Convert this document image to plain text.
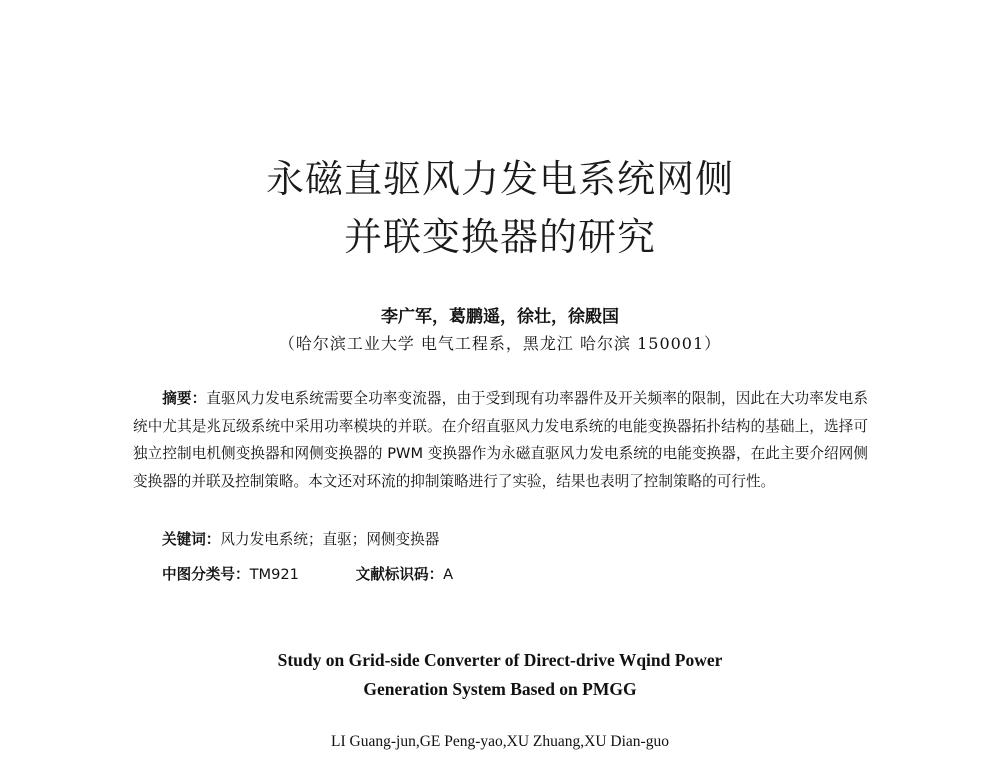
永磁直驱风力发电系统网侧
并联变换器的研究
李广军，葛鹏遥，徐壮，徐殿国
（哈尔滨工业大学 电气工程系，黑龙江 哈尔滨 150001）
摘要：直驱风力发电系统需要全功率变流器，由于受到现有功率器件及开关频率的限制，因此在大功率发电系统中尤其是兆瓦级系统中采用功率模块的并联。在介绍直驱风力发电系统的电能变换器拓扑结构的基础上，选择可独立控制电机侧变换器和网侧变换器的 PWM 变换器作为永磁直驱风力发电系统的电能变换器，在此主要介绍网侧变换器的并联及控制策略。本文还对环流的抑制策略进行了实验，结果也表明了控制策略的可行性。
关键词：风力发电系统；直驱；网侧变换器
中图分类号：TM921	文献标识码：A
Study on Grid-side Converter of Direct-drive Wqind Power
Generation System Based on PMGG
LI Guang-jun,GE Peng-yao,XU Zhuang,XU Dian-guo
